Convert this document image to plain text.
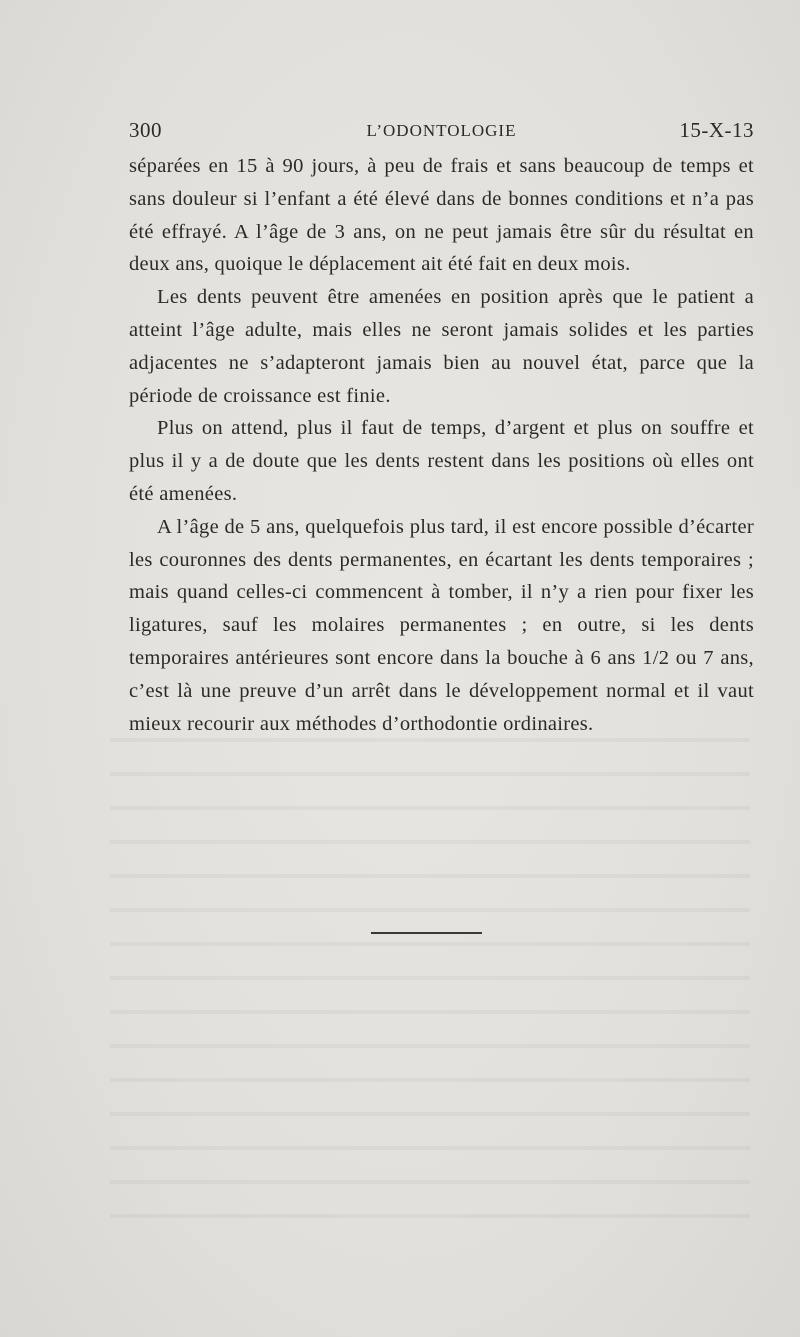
300	L’ODONTOLOGIE	15-X-13

séparées en 15 à 90 jours, à peu de frais et sans beaucoup de temps et sans douleur si l’enfant a été élevé dans de bonnes conditions et n’a pas été effrayé. A l’âge de 3 ans, on ne peut jamais être sûr du résultat en deux ans, quoique le déplacement ait été fait en deux mois.

Les dents peuvent être amenées en position après que le patient a atteint l’âge adulte, mais elles ne seront jamais solides et les parties adjacentes ne s’adapteront jamais bien au nouvel état, parce que la période de croissance est finie.

Plus on attend, plus il faut de temps, d’argent et plus on souffre et plus il y a de doute que les dents restent dans les positions où elles ont été amenées.

A l’âge de 5 ans, quelquefois plus tard, il est encore possible d’écarter les couronnes des dents permanentes, en écartant les dents temporaires ; mais quand celles-ci commencent à tomber, il n’y a rien pour fixer les ligatures, sauf les molaires permanentes ; en outre, si les dents temporaires antérieures sont encore dans la bouche à 6 ans 1/2 ou 7 ans, c’est là une preuve d’un arrêt dans le développement normal et il vaut mieux recourir aux méthodes d’orthodontie ordinaires.
